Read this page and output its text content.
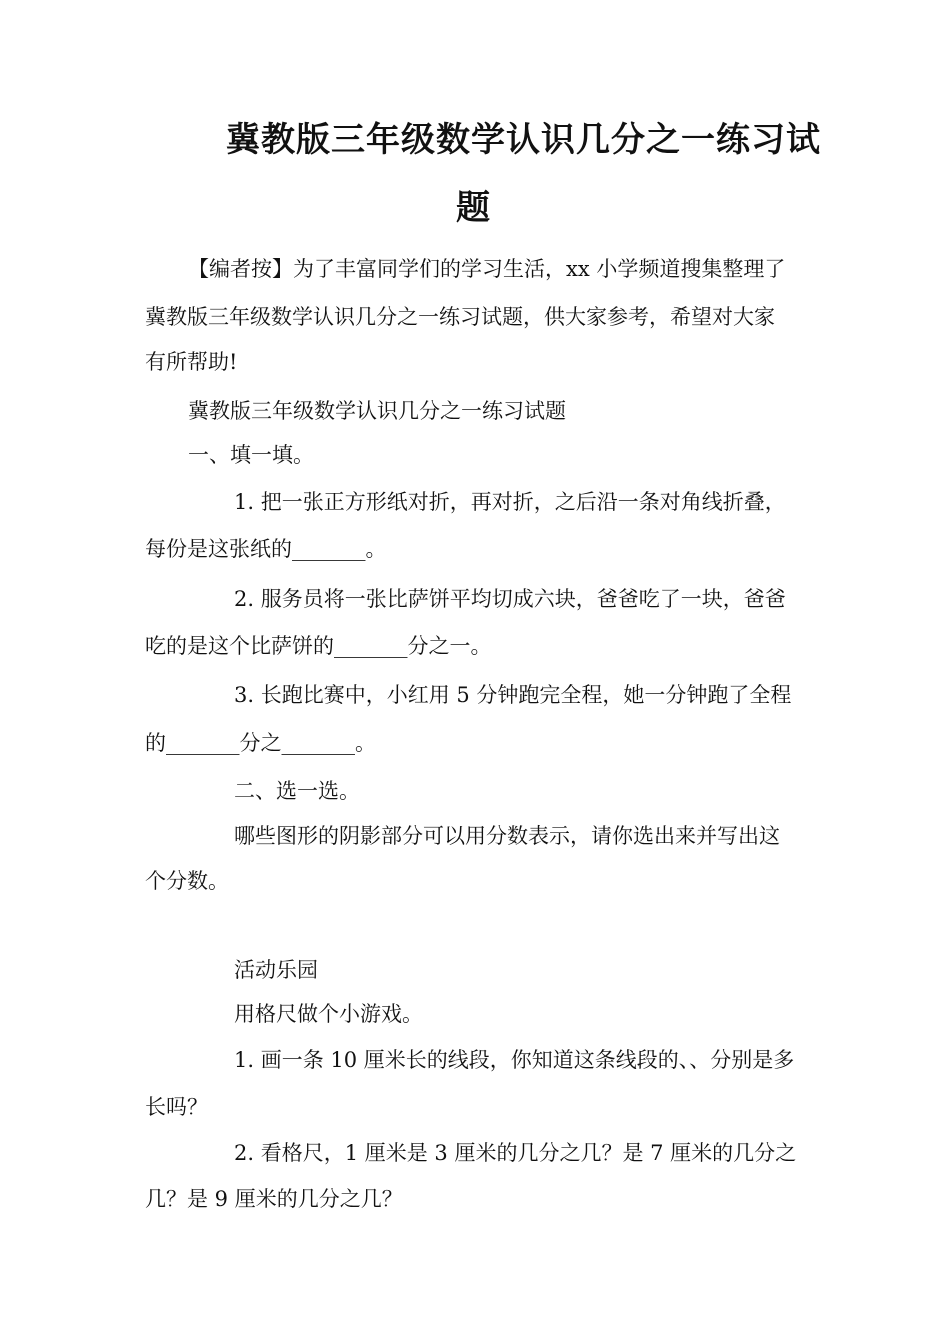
冀教版三年级数学认识几分之一练习试
题
【编者按】为了丰富同学们的学习生活，xx 小学频道搜集整理了
冀教版三年级数学认识几分之一练习试题，供大家参考，希望对大家
有所帮助!
冀教版三年级数学认识几分之一练习试题
一、填一填。
1. 把一张正方形纸对折，再对折，之后沿一条对角线折叠，
每份是这张纸的_______。
2. 服务员将一张比萨饼平均切成六块，爸爸吃了一块，爸爸
吃的是这个比萨饼的_______分之一。
3. 长跑比赛中，小红用 5 分钟跑完全程，她一分钟跑了全程
的_______分之_______。
二、选一选。
哪些图形的阴影部分可以用分数表示，请你选出来并写出这
个分数。
活动乐园
用格尺做个小游戏。
1. 画一条 10 厘米长的线段，你知道这条线段的、、分别是多
长吗？
2. 看格尺，1 厘米是 3 厘米的几分之几？是 7 厘米的几分之
几？是 9 厘米的几分之几？
